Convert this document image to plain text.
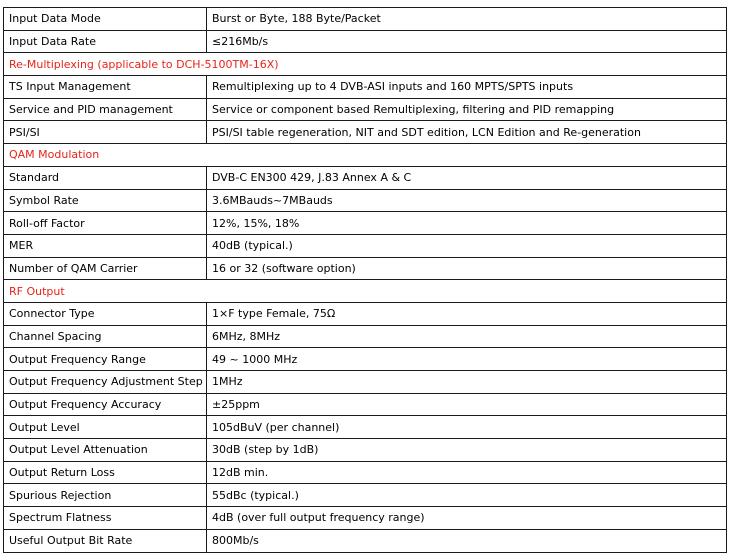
Input Data Mode	Burst or Byte, 188 Byte/Packet
Input Data Rate	≤216Mb/s
Re-Multiplexing (applicable to DCH-5100TM-16X)	
TS Input Management	Remultiplexing up to 4 DVB-ASI inputs and 160 MPTS/SPTS inputs
Service and PID management	Service or component based Remultiplexing, filtering and PID remapping
PSI/SI	PSI/SI table regeneration, NIT and SDT edition, LCN Edition and Re-generation
QAM Modulation	
Standard	DVB-C EN300 429, J.83 Annex A & C
Symbol Rate	3.6MBauds~7MBauds
Roll-off Factor	12%, 15%, 18%
MER	40dB (typical.)
Number of QAM Carrier	16 or 32 (software option)
RF Output	
Connector Type	1×F type Female, 75Ω
Channel Spacing	6MHz, 8MHz
Output Frequency Range	49 ~ 1000 MHz
Output Frequency Adjustment Step	1MHz
Output Frequency Accuracy	±25ppm
Output Level	105dBuV (per channel)
Output Level Attenuation	30dB (step by 1dB)
Output Return Loss	12dB min.
Spurious Rejection	55dBc (typical.)
Spectrum Flatness	4dB (over full output frequency range)
Useful Output Bit Rate	800Mb/s
